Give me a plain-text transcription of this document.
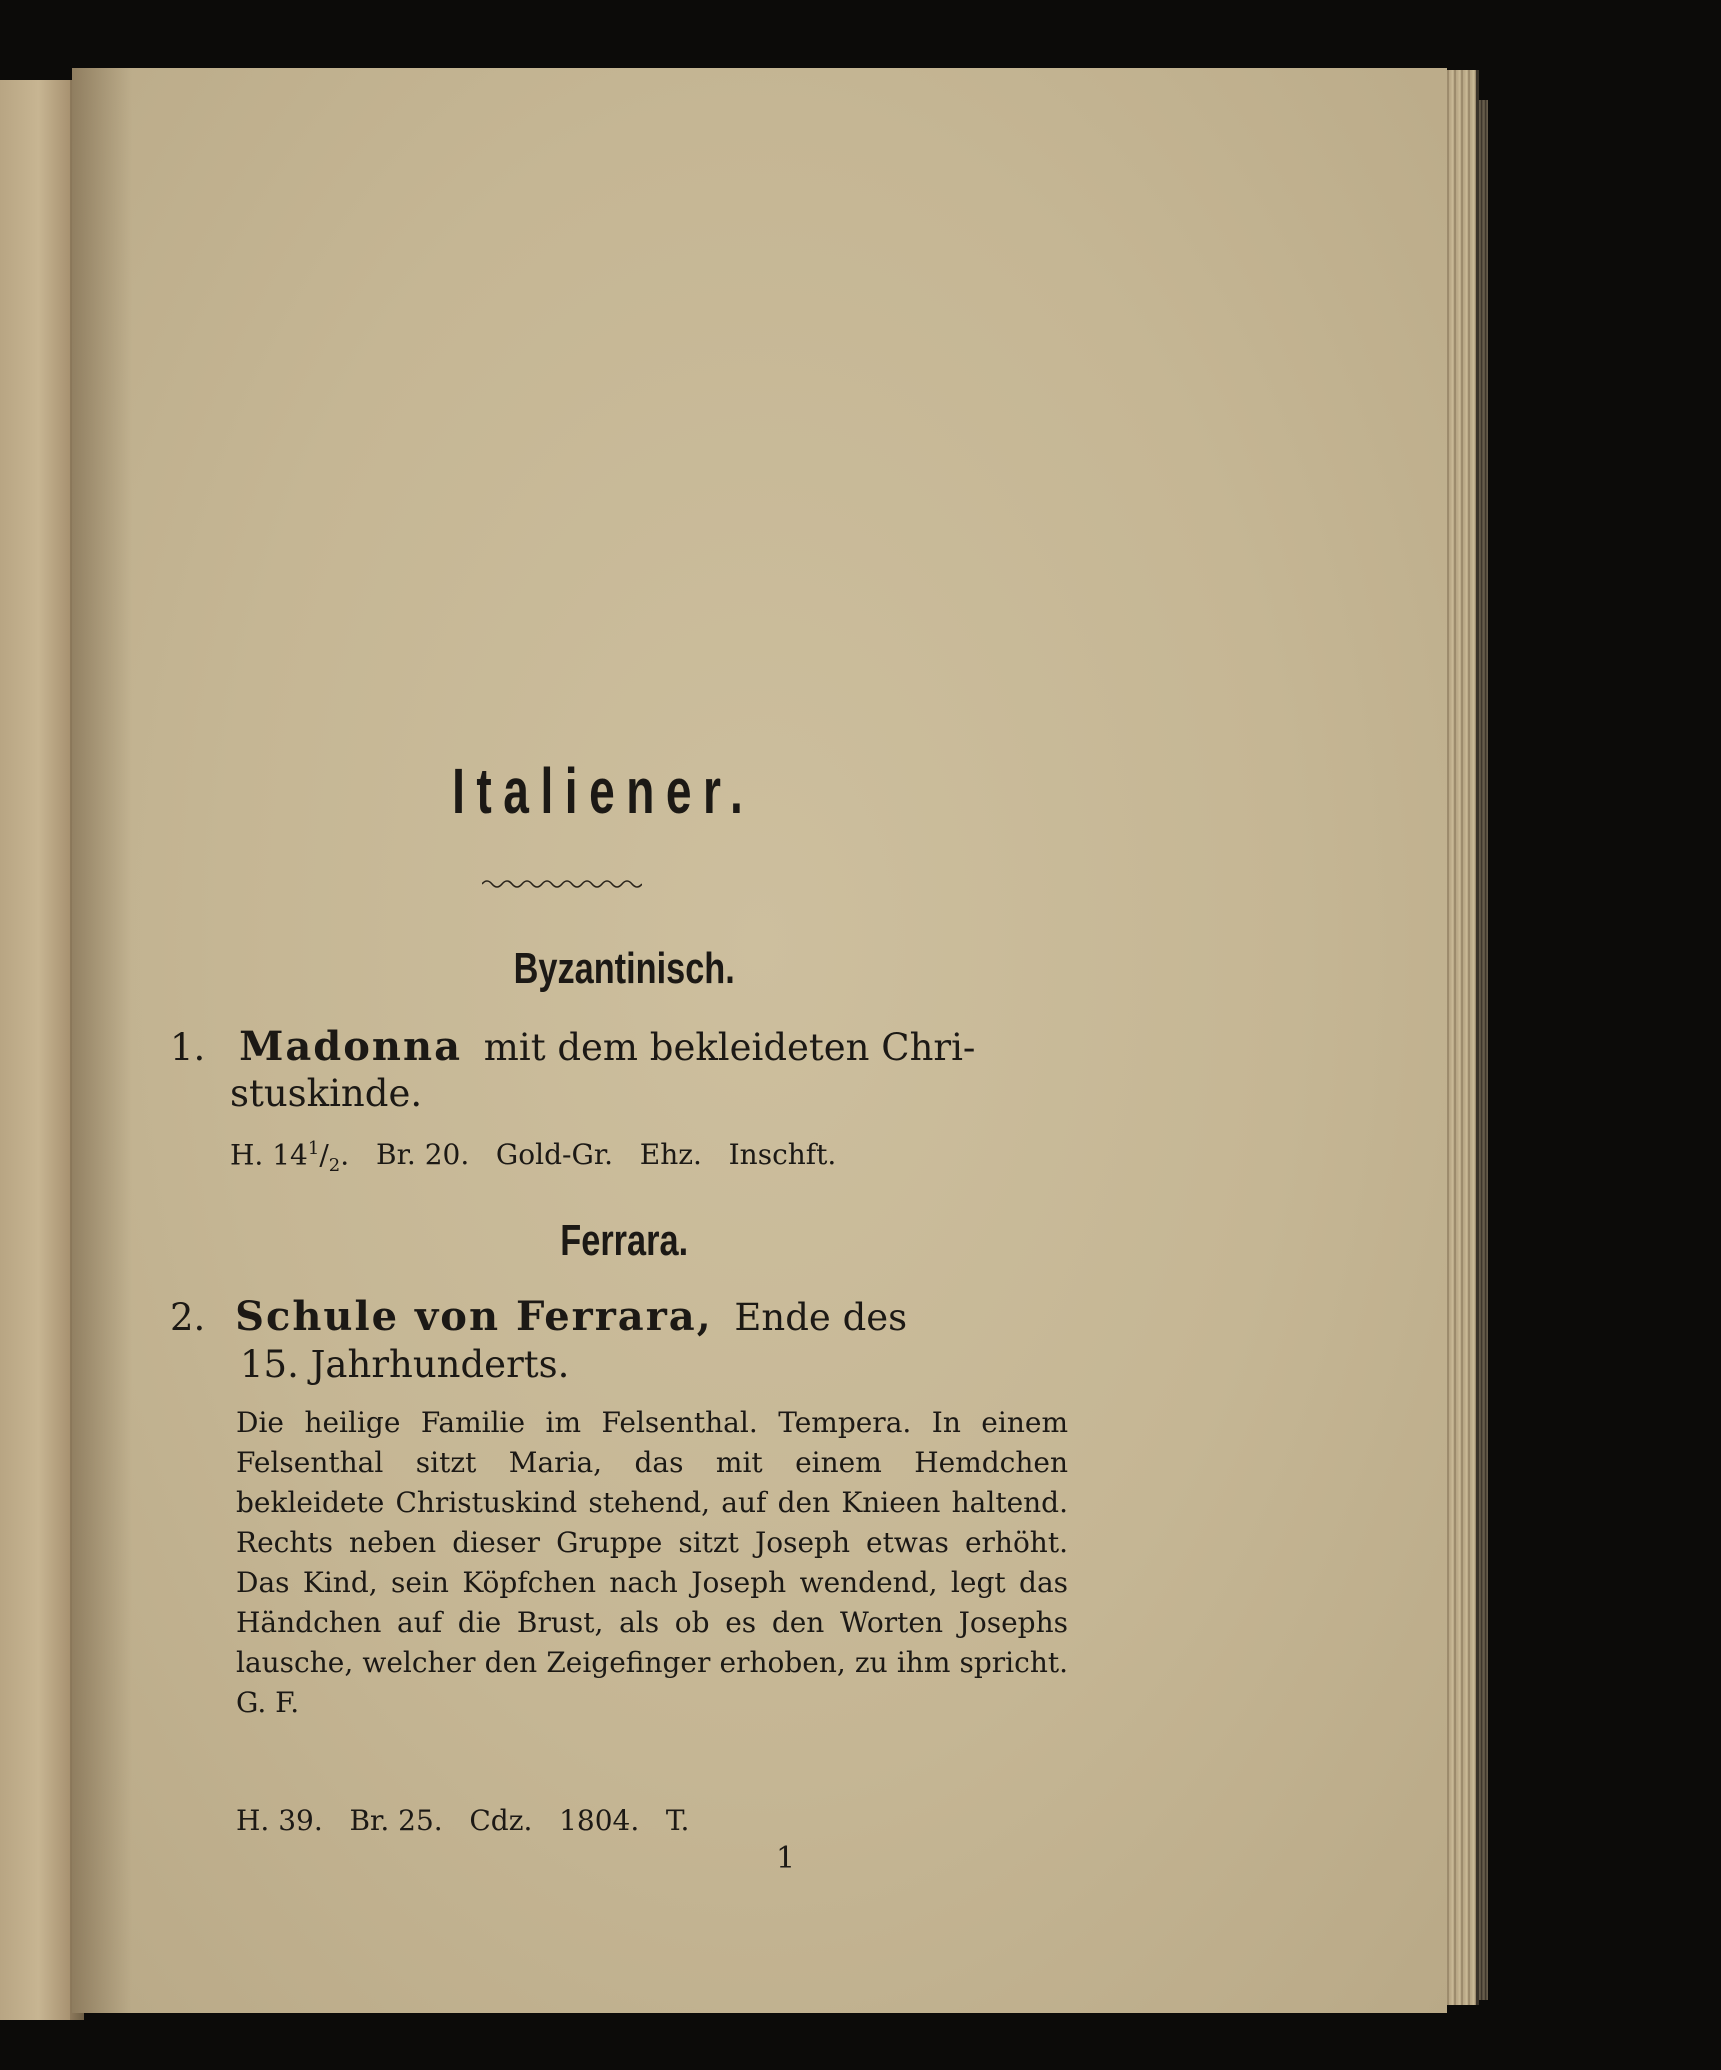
Italiener.
Byzantinisch.
1. Madonna mit dem bekleideten Chri-
stuskinde.
H. $14^1/_2$. Br. 20.   Gold-Gr.   Ehz.   Inschft.
Ferrara.
2. Schule von Ferrara, Ende des
15. Jahrhunderts.
Die heilige Familie im Felsenthal. Tempera. In einem Felsenthal sitzt Maria, das mit einem Hemdchen bekleidete Christuskind stehend, auf den Knieen haltend. Rechts neben dieser Gruppe sitzt Joseph etwas erhöht. Das Kind, sein Köpfchen nach Joseph wendend, legt das Händchen auf die Brust, als ob es den Worten Josephs lausche, welcher den Zeigefinger erhoben, zu ihm spricht. G. F.
H. 39.   Br. 25.   Cdz.   1804.   T.
1
